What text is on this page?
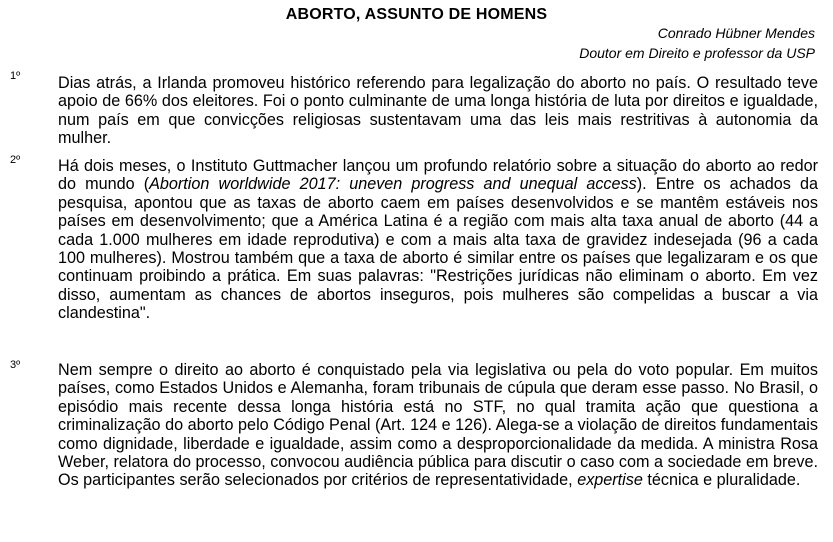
ABORTO, ASSUNTO DE HOMENS
Conrado Hübner Mendes
Doutor em Direito e professor da USP
1º Dias atrás, a Irlanda promoveu histórico referendo para legalização do aborto no país. O resultado teve apoio de 66% dos eleitores. Foi o ponto culminante de uma longa história de luta por direitos e igualdade, num país em que convicções religiosas sustentavam uma das leis mais restritivas à autonomia da mulher.

2º Há dois meses, o Instituto Guttmacher lançou um profundo relatório sobre a situação do aborto ao redor do mundo (Abortion worldwide 2017: uneven progress and unequal access). Entre os achados da pesquisa, apontou que as taxas de aborto caem em países desenvolvidos e se mantêm estáveis nos países em desenvolvimento; que a América Latina é a região com mais alta taxa anual de aborto (44 a cada 1.000 mulheres em idade reprodutiva) e com a mais alta taxa de gravidez indesejada (96 a cada 100 mulheres). Mostrou também que a taxa de aborto é similar entre os países que legalizaram e os que continuam proibindo a prática. Em suas palavras: "Restrições jurídicas não eliminam o aborto. Em vez disso, aumentam as chances de abortos inseguros, pois mulheres são compelidas a buscar a via clandestina".

3º Nem sempre o direito ao aborto é conquistado pela via legislativa ou pela do voto popular. Em muitos países, como Estados Unidos e Alemanha, foram tribunais de cúpula que deram esse passo. No Brasil, o episódio mais recente dessa longa história está no STF, no qual tramita ação que questiona a criminalização do aborto pelo Código Penal (Art. 124 e 126). Alega-se a violação de direitos fundamentais como dignidade, liberdade e igualdade, assim como a desproporcionalidade da medida. A ministra Rosa Weber, relatora do processo, convocou audiência pública para discutir o caso com a sociedade em breve. Os participantes serão selecionados por critérios de representatividade, expertise técnica e pluralidade.
